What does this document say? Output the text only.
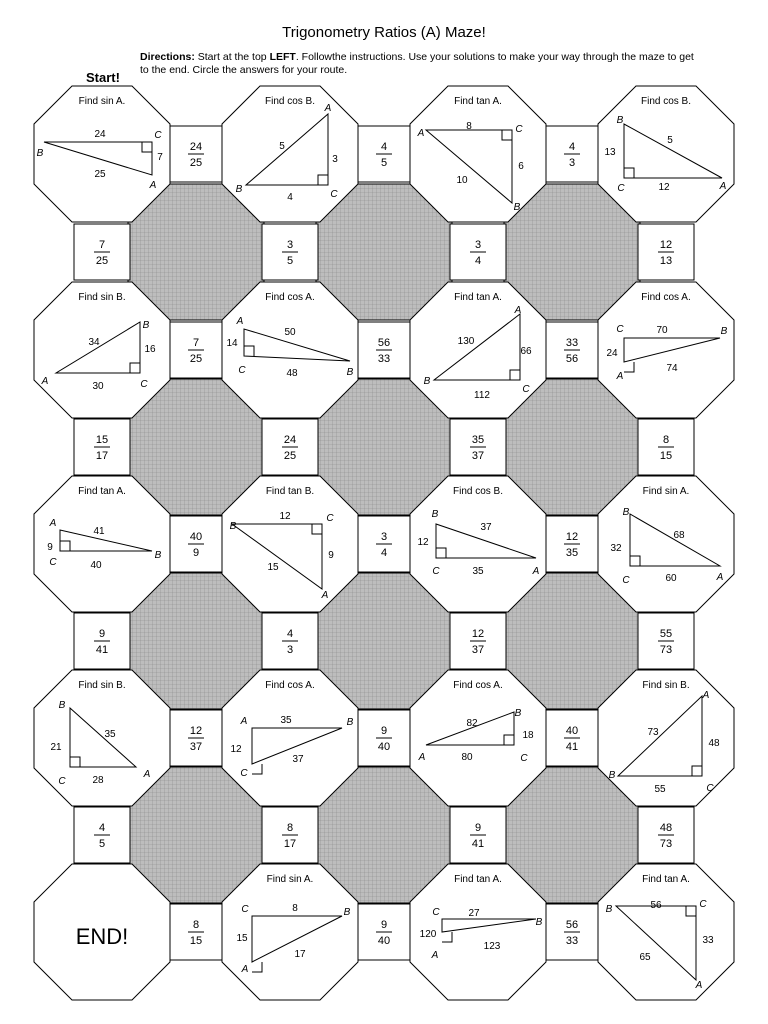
Trigonometry Ratios (A) Maze!
Directions: Start at the top LEFT. Followthe instructions. Use your solutions to make your way through the maze to get to the end. Circle the answers for your route.
Start!
24
25
4
5
4
3
7
25
56
33
33
56
40
9
3
4
12
35
12
37
9
40
40
41
8
15
9
40
56
33
7
25
3
5
3
4
12
13
15
17
24
25
35
37
8
15
9
41
4
3
12
37
55
73
4
5
8
17
9
41
48
73
Find sin A.
24
7
25
B
C
A
Find cos B.
3
4
5
A
C
B
Find tan A.
8
6
10
A	C
B
Find cos B.
5
12
13
B
C	A
Find sin B.
16
30
34
B
C
A
Find cos A.
14
48
50
A
C	B
Find tan A.
66
112
130
A
C
B
Find cos A.
24
70
74
C
A
B
Find tan A.
9
40
41
A
C
B
Find tan B.
12
9
15
B
C
A
Find cos B.
12
35
37
B
C	A
Find sin A.
32
60
68
B
C	A
Find sin B.
21
28
35
B
C
A
Find cos A.
12
35
37
A
C
B
Find cos A.
18
80
82
B
C
A
Find sin B.
48
55
73
A
C
B
Find sin A.
15
8
17
C
A
B
Find tan A.
120
27
123
C
A
B
Find tan A.
56
33
65
B	C
A
END!
